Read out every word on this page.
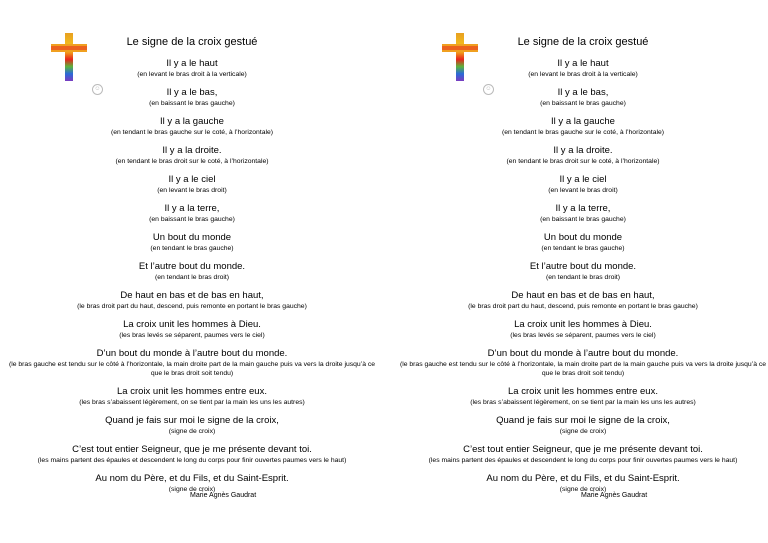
☺
Le signe de la croix gestué
Il y a le haut
(en levant le bras droit à la verticale)
Il y a le bas,
(en baissant le bras gauche)
Il y a la gauche
(en tendant le bras gauche sur le coté, à l’horizontale)
Il y a la droite.
(en tendant le bras droit sur le coté, à l’horizontale)
Il y a le ciel
(en levant le bras droit)
Il y a la terre,
(en baissant le bras gauche)
Un bout du monde
(en tendant le bras gauche)
Et l’autre bout du monde.
(en tendant le bras droit)
De haut en bas et de bas en haut,
(le bras droit part du haut, descend, puis remonte en portant le bras gauche)
La croix unit les hommes à Dieu.
(les bras levés se séparent, paumes vers le ciel)
D’un bout du monde à l’autre bout du monde.
(le bras gauche est tendu sur le côté à l’horizontale, la main droite part de la main gauche puis va vers la droite jusqu’à ce que le bras droit soit tendu)
La croix unit les hommes entre eux.
(les bras s’abaissent légèrement, on se tient par la main les uns les autres)
Quand je fais sur moi le signe de la croix,
(signe de croix)
C’est tout entier Seigneur, que je me présente devant toi.
(les mains partent des épaules et descendent le long du corps pour finir ouvertes paumes vers le haut)
Au nom du Père, et du Fils, et du Saint-Esprit.
(signe de croix)
Marie Agnès Gaudrat
☺
Le signe de la croix gestué
Il y a le haut
(en levant le bras droit à la verticale)
Il y a le bas,
(en baissant le bras gauche)
Il y a la gauche
(en tendant le bras gauche sur le coté, à l’horizontale)
Il y a la droite.
(en tendant le bras droit sur le coté, à l’horizontale)
Il y a le ciel
(en levant le bras droit)
Il y a la terre,
(en baissant le bras gauche)
Un bout du monde
(en tendant le bras gauche)
Et l’autre bout du monde.
(en tendant le bras droit)
De haut en bas et de bas en haut,
(le bras droit part du haut, descend, puis remonte en portant le bras gauche)
La croix unit les hommes à Dieu.
(les bras levés se séparent, paumes vers le ciel)
D’un bout du monde à l’autre bout du monde.
(le bras gauche est tendu sur le côté à l’horizontale, la main droite part de la main gauche puis va vers la droite jusqu’à ce que le bras droit soit tendu)
La croix unit les hommes entre eux.
(les bras s’abaissent légèrement, on se tient par la main les uns les autres)
Quand je fais sur moi le signe de la croix,
(signe de croix)
C’est tout entier Seigneur, que je me présente devant toi.
(les mains partent des épaules et descendent le long du corps pour finir ouvertes paumes vers le haut)
Au nom du Père, et du Fils, et du Saint-Esprit.
(signe de croix)
Marie Agnès Gaudrat
